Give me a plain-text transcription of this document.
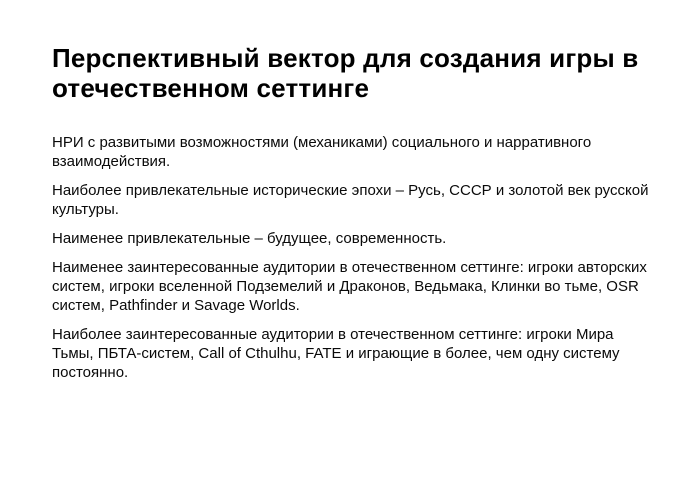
Перспективный вектор для создания игры в отечественном сеттинге

НРИ с развитыми возможностями (механиками) социального и нарративного взаимодействия.

Наиболее привлекательные исторические эпохи – Русь, СССР и золотой век русской культуры.

Наименее привлекательные – будущее, современность.

Наименее заинтересованные аудитории в отечественном сеттинге: игроки авторских систем, игроки вселенной Подземелий и Драконов, Ведьмака, Клинки во тьме, OSR систем, Pathfinder и Savage Worlds.

Наиболее заинтересованные аудитории в отечественном сеттинге: игроки Мира Тьмы, ПБТА-систем, Call of Cthulhu, FATE и играющие в более, чем одну систему постоянно.
